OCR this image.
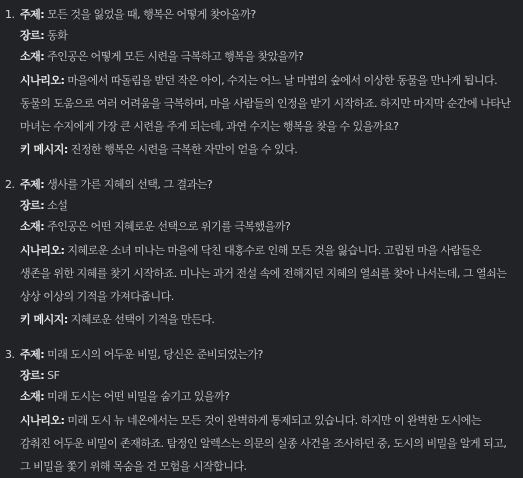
1. 주제: 모든 것을 잃었을 때, 행복은 어떻게 찾아올까?
장르: 동화
소재: 주인공은 어떻게 모든 시련을 극복하고 행복을 찾았을까?
시나리오: 마을에서 따돌림을 받던 작은 아이, 수지는 어느 날 마법의 숲에서 이상한 동물을 만나게 됩니다. 동물의 도움으로 여러 어려움을 극복하며, 마을 사람들의 인정을 받기 시작하죠. 하지만 마지막 순간에 나타난 마녀는 수지에게 가장 큰 시련을 주게 되는데, 과연 수지는 행복을 찾을 수 있을까요?
키 메시지: 진정한 행복은 시련을 극복한 자만이 얻을 수 있다.
2. 주제: 생사를 가른 지혜의 선택, 그 결과는?
장르: 소설
소재: 주인공은 어떤 지혜로운 선택으로 위기를 극복했을까?
시나리오: 지혜로운 소녀 미나는 마을에 닥친 대홍수로 인해 모든 것을 잃습니다. 고립된 마을 사람들은 생존을 위한 지혜를 찾기 시작하죠. 미나는 과거 전설 속에 전해지던 지혜의 열쇠를 찾아 나서는데, 그 열쇠는 상상 이상의 기적을 가져다줍니다.
키 메시지: 지혜로운 선택이 기적을 만든다.
3. 주제: 미래 도시의 어두운 비밀, 당신은 준비되었는가?
장르: SF
소재: 미래 도시는 어떤 비밀을 숨기고 있을까?
시나리오: 미래 도시 뉴 네온에서는 모든 것이 완벽하게 통제되고 있습니다. 하지만 이 완벽한 도시에는 감춰진 어두운 비밀이 존재하죠. 탐정인 알렉스는 의문의 실종 사건을 조사하던 중, 도시의 비밀을 알게 되고, 그 비밀을 쫓기 위해 목숨을 건 모험을 시작합니다.
